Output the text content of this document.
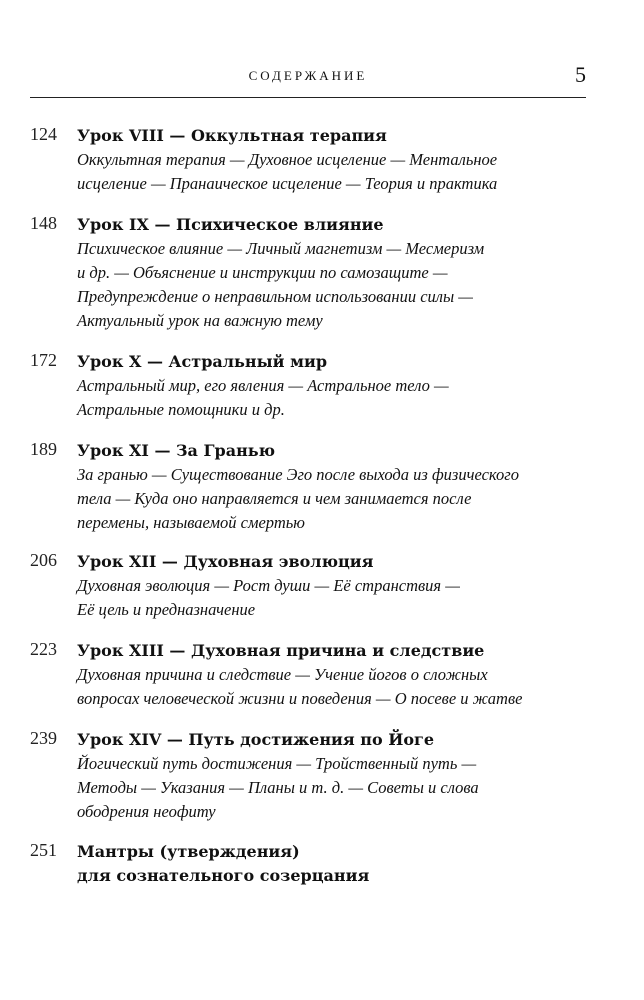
СОДЕРЖАНИЕ	5
124 Урок VIII — Оккультная терапия
Оккультная терапия — Духовное исцеление — Ментальное
исцеление — Пранаическое исцеление — Теория и практика
148 Урок IX — Психическое влияние
Психическое влияние — Личный магнетизм — Месмеризм
и др. — Объяснение и инструкции по самозащите —
Предупреждение о неправильном использовании силы —
Актуальный урок на важную тему
172 Урок X — Астральный мир
Астральный мир, его явления — Астральное тело —
Астральные помощники и др.
189 Урок XI — За Гранью
За гранью — Существование Эго после выхода из физического
тела — Куда оно направляется и чем занимается после
перемены, называемой смертью
206 Урок XII — Духовная эволюция
Духовная эволюция — Рост души — Её странствия —
Её цель и предназначение
223 Урок XIII — Духовная причина и следствие
Духовная причина и следствие — Учение йогов о сложных
вопросах человеческой жизни и поведения — О посеве и жатве
239 Урок XIV — Путь достижения по Йоге
Йогический путь достижения — Тройственный путь —
Методы — Указания — Планы и т. д. — Советы и слова
ободрения неофиту
251 Мантры (утверждения)
для сознательного созерцания
